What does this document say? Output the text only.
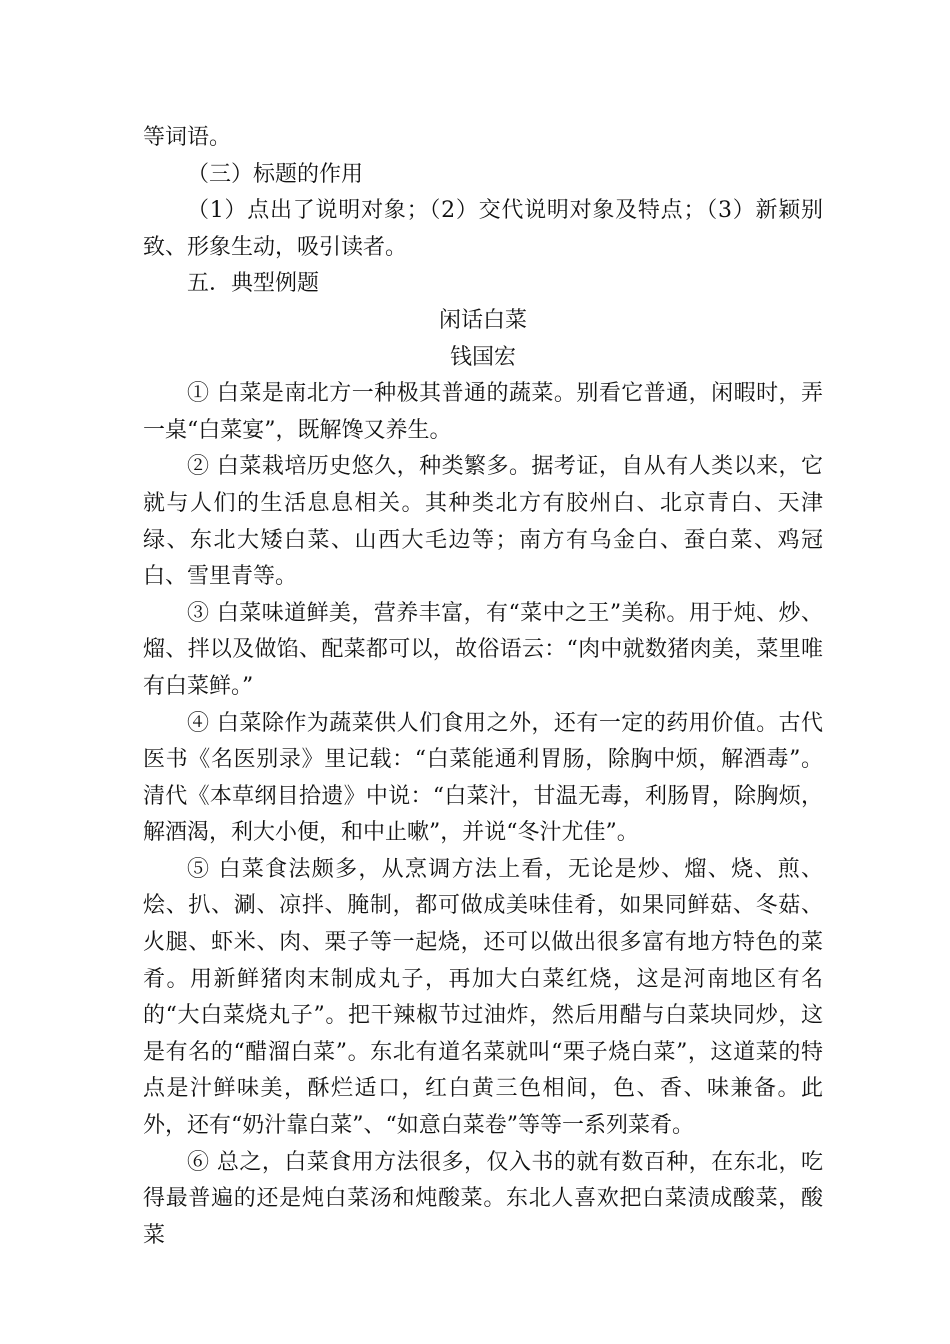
等词语。

（三）标题的作用

（1）点出了说明对象；（2）交代说明对象及特点；（3）新颖别致、形象生动，吸引读者。

五．典型例题

闲话白菜

钱国宏

① 白菜是南北方一种极其普通的蔬菜。别看它普通，闲暇时，弄一桌“白菜宴”，既解馋又养生。

② 白菜栽培历史悠久，种类繁多。据考证，自从有人类以来，它就与人们的生活息息相关。其种类北方有胶州白、北京青白、天津绿、东北大矮白菜、山西大毛边等；南方有乌金白、蚕白菜、鸡冠白、雪里青等。

③ 白菜味道鲜美，营养丰富，有“菜中之王”美称。用于炖、炒、熘、拌以及做馅、配菜都可以，故俗语云：“肉中就数猪肉美，菜里唯有白菜鲜。”

④ 白菜除作为蔬菜供人们食用之外，还有一定的药用价值。古代医书《名医别录》里记载：“白菜能通利胃肠，除胸中烦，解酒毒”。清代《本草纲目拾遗》中说：“白菜汁，甘温无毒，利肠胃，除胸烦，解酒渴，利大小便，和中止嗽”，并说“冬汁尤佳”。

⑤ 白菜食法颇多，从烹调方法上看，无论是炒、熘、烧、煎、烩、扒、涮、凉拌、腌制，都可做成美味佳肴，如果同鲜菇、冬菇、火腿、虾米、肉、栗子等一起烧，还可以做出很多富有地方特色的菜肴。用新鲜猪肉末制成丸子，再加大白菜红烧，这是河南地区有名的“大白菜烧丸子”。把干辣椒节过油炸，然后用醋与白菜块同炒，这是有名的“醋溜白菜”。东北有道名菜就叫“栗子烧白菜”，这道菜的特点是汁鲜味美，酥烂适口，红白黄三色相间，色、香、味兼备。此外，还有“奶汁靠白菜”、“如意白菜卷”等等一系列菜肴。

⑥ 总之，白菜食用方法很多，仅入书的就有数百种，在东北，吃得最普遍的还是炖白菜汤和炖酸菜。东北人喜欢把白菜渍成酸菜，酸菜
